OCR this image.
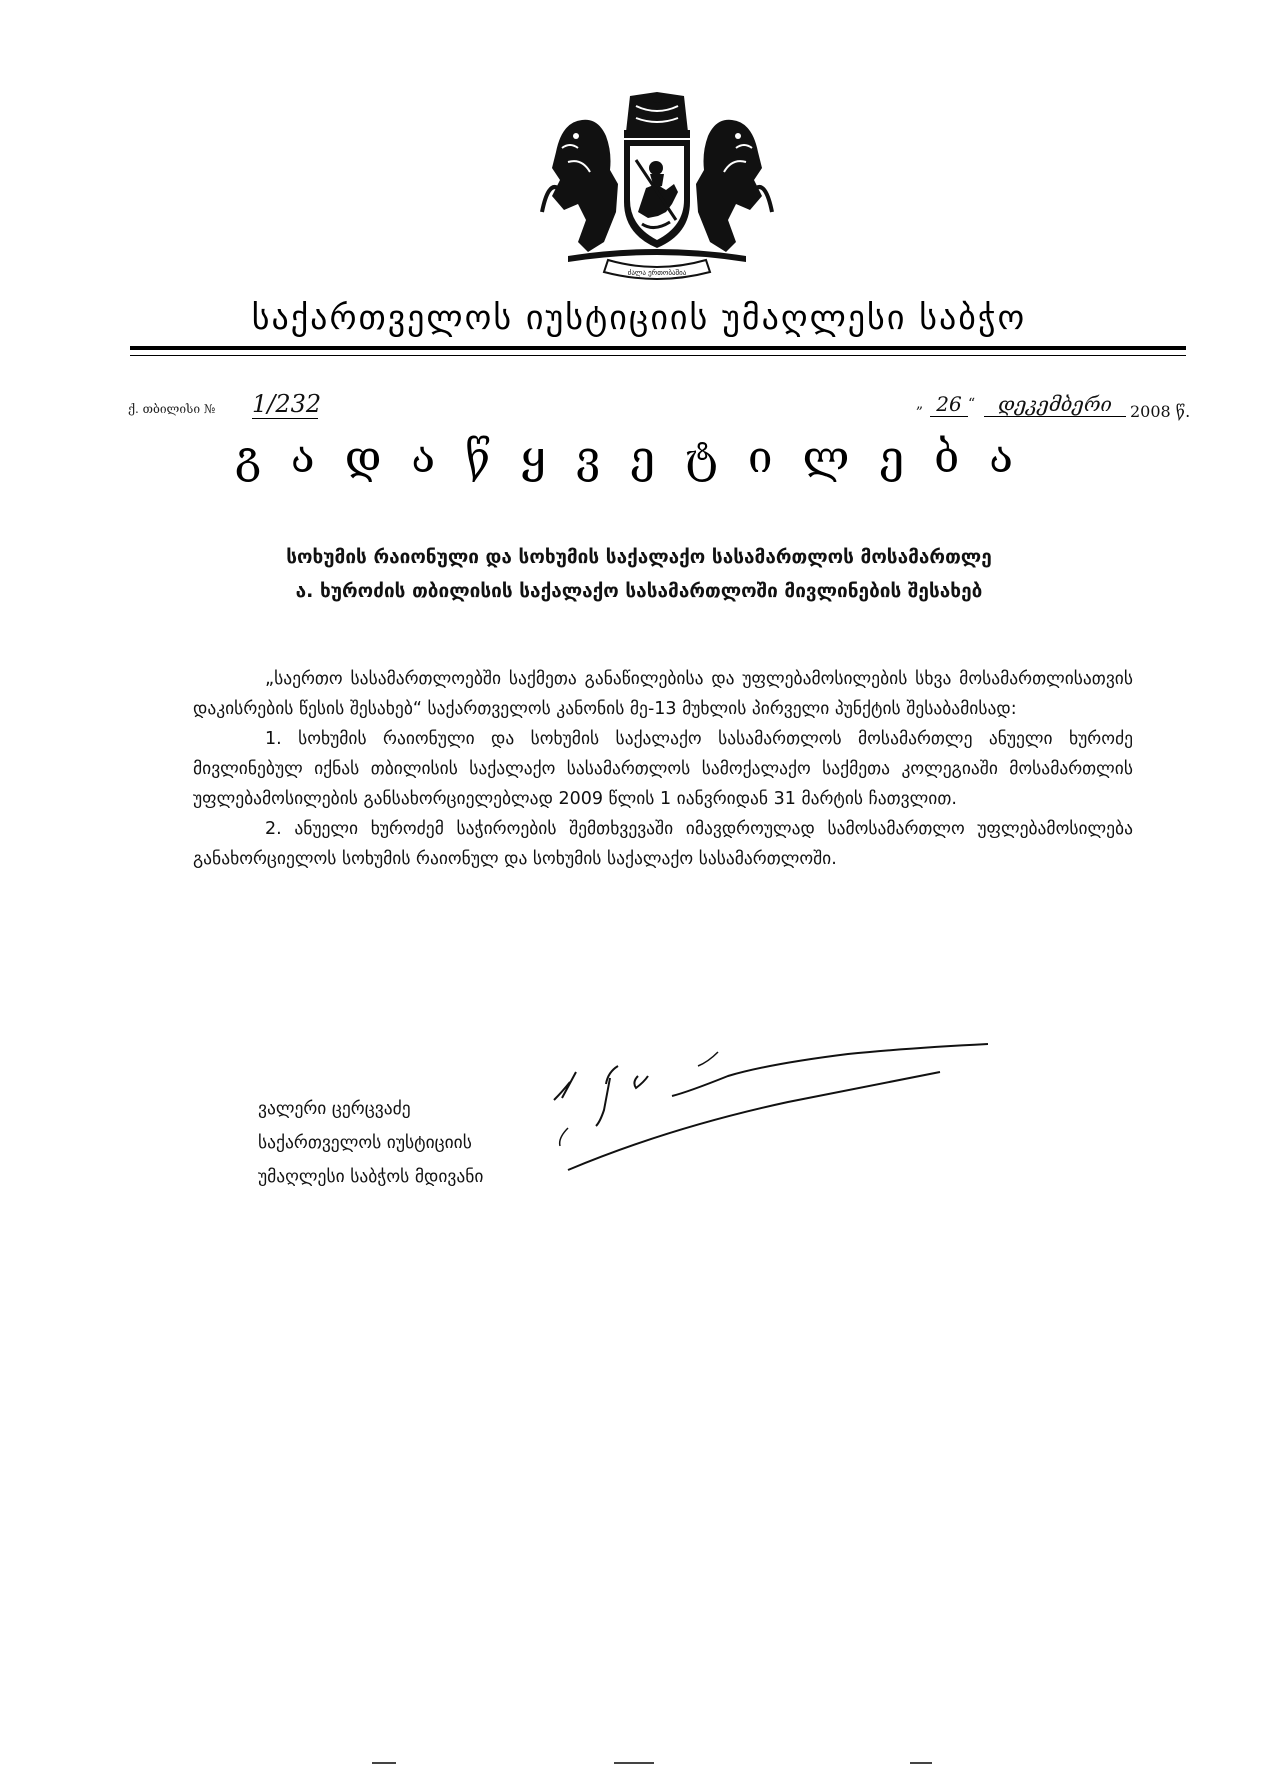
ძალა ერთობაშია
საქართველოს იუსტიციის უმაღლესი საბჭო
ქ. თბილისი № 1/232	„ 26 “	დეკემბერი	2008 წ.
გადაწყვეტილება
სოხუმის რაიონული და სოხუმის საქალაქო სასამართლოს მოსამართლე
ა. ხუროძის თბილისის საქალაქო სასამართლოში მივლინების შესახებ

„საერთო სასამართლოებში საქმეთა განაწილებისა და უფლებამოსილების სხვა მოსამართლისათვის დაკისრების წესის შესახებ“ საქართველოს კანონის მე-13 მუხლის პირველი პუნქტის შესაბამისად:

1. სოხუმის რაიონული და სოხუმის საქალაქო სასამართლოს მოსამართლე ანუელი ხუროძე მივლინებულ იქნას თბილისის საქალაქო სასამართლოს სამოქალაქო საქმეთა კოლეგიაში მოსამართლის უფლებამოსილების განსახორციელებლად 2009 წლის 1 იანვრიდან 31 მარტის ჩათვლით.

2. ანუელი ხუროძემ საჭიროების შემთხვევაში იმავდროულად სამოსამართლო უფლებამოსილება განახორციელოს სოხუმის რაიონულ და სოხუმის საქალაქო სასამართლოში.

ვალერი ცერცვაძე
საქართველოს იუსტიციის
უმაღლესი საბჭოს მდივანი
